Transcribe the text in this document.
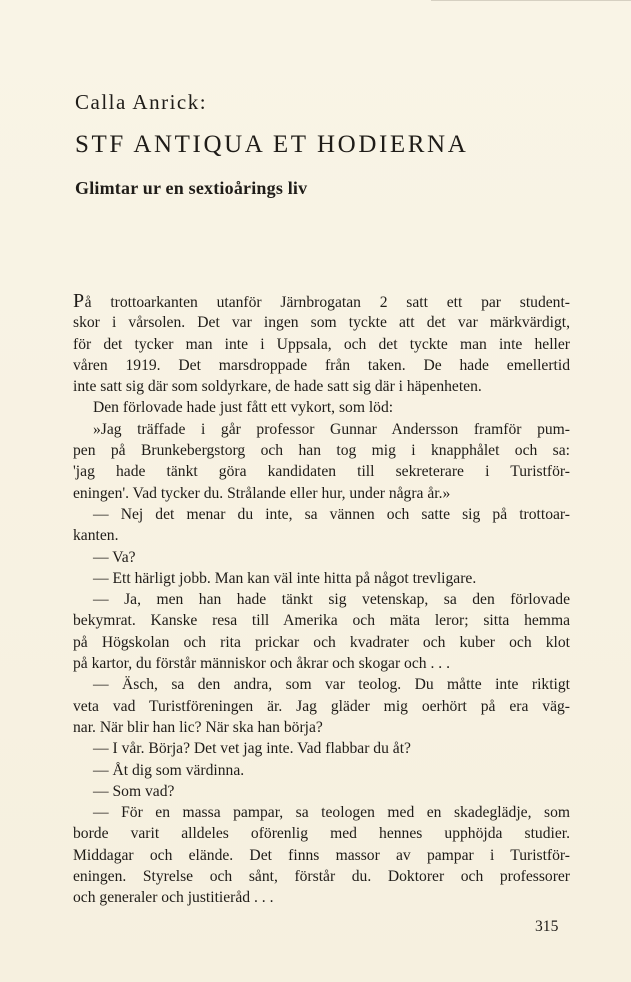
Calla Anrick:
STF ANTIQUA ET HODIERNA
Glimtar ur en sextioårings liv
På trottoarkanten utanför Järnbrogatan 2 satt ett par student-
skor i vårsolen. Det var ingen som tyckte att det var märkvärdigt,
för det tycker man inte i Uppsala, och det tyckte man inte heller
våren 1919. Det marsdroppade från taken. De hade emellertid
inte satt sig där som soldyrkare, de hade satt sig där i häpenheten.
Den förlovade hade just fått ett vykort, som löd:
»Jag träffade i går professor Gunnar Andersson framför pum-
pen på Brunkebergstorg och han tog mig i knapphålet och sa:
'jag hade tänkt göra kandidaten till sekreterare i Turistför-
eningen'. Vad tycker du. Strålande eller hur, under några år.»
— Nej det menar du inte, sa vännen och satte sig på trottoar-
kanten.
— Va?
— Ett härligt jobb. Man kan väl inte hitta på något trevligare.
— Ja, men han hade tänkt sig vetenskap, sa den förlovade
bekymrat. Kanske resa till Amerika och mäta leror; sitta hemma
på Högskolan och rita prickar och kvadrater och kuber och klot
på kartor, du förstår människor och åkrar och skogar och . . .
— Äsch, sa den andra, som var teolog. Du måtte inte riktigt
veta vad Turistföreningen är. Jag gläder mig oerhört på era väg-
nar. När blir han lic? När ska han börja?
— I vår. Börja? Det vet jag inte. Vad flabbar du åt?
— Åt dig som värdinna.
— Som vad?
— För en massa pampar, sa teologen med en skadeglädje, som
borde varit alldeles oförenlig med hennes upphöjda studier.
Middagar och elände. Det finns massor av pampar i Turistför-
eningen. Styrelse och sånt, förstår du. Doktorer och professorer
och generaler och justitieråd . . .

315
